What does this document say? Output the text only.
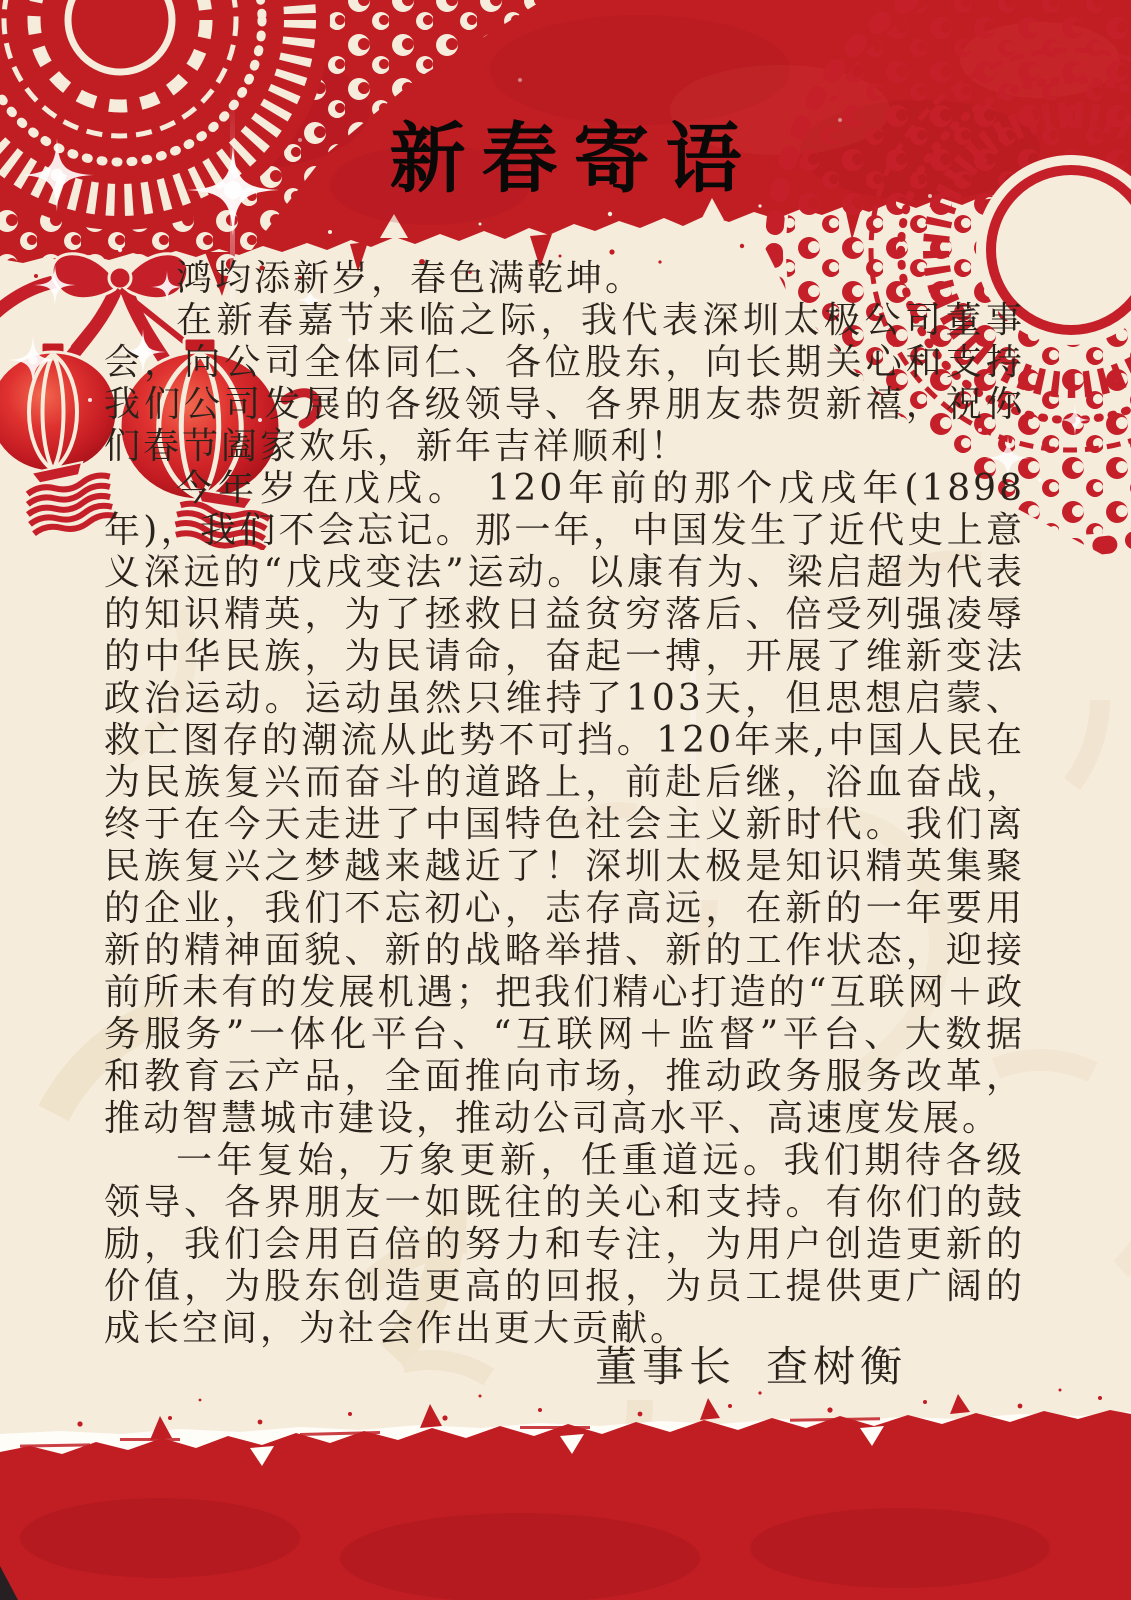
新春寄语

鸿均添新岁，春色满乾坤。

在新春嘉节来临之际，我代表深圳太极公司董事会，向公司全体同仁、各位股东，向长期关心和支持我们公司发展的各级领导、各界朋友恭贺新禧，祝你们春节阖家欢乐，新年吉祥顺利！

今年岁在戊戌。 120年前的那个戊戌年(1898年)，我们不会忘记。那一年，中国发生了近代史上意义深远的“戊戌变法”运动。以康有为、梁启超为代表的知识精英，为了拯救日益贫穷落后、倍受列强凌辱的中华民族，为民请命，奋起一搏，开展了维新变法政治运动。运动虽然只维持了103天，但思想启蒙、救亡图存的潮流从此势不可挡。120年来,中国人民在为民族复兴而奋斗的道路上，前赴后继，浴血奋战，终于在今天走进了中国特色社会主义新时代。我们离民族复兴之梦越来越近了！深圳太极是知识精英集聚的企业，我们不忘初心，志存高远，在新的一年要用新的精神面貌、新的战略举措、新的工作状态，迎接前所未有的发展机遇；把我们精心打造的“互联网＋政务服务”一体化平台、“互联网＋监督”平台、大数据和教育云产品，全面推向市场，推动政务服务改革，推动智慧城市建设，推动公司高水平、高速度发展。

一年复始，万象更新，任重道远。我们期待各级领导、各界朋友一如既往的关心和支持。有你们的鼓励，我们会用百倍的努力和专注，为用户创造更新的价值，为股东创造更高的回报，为员工提供更广阔的成长空间，为社会作出更大贡献。

董事长 查树衡
